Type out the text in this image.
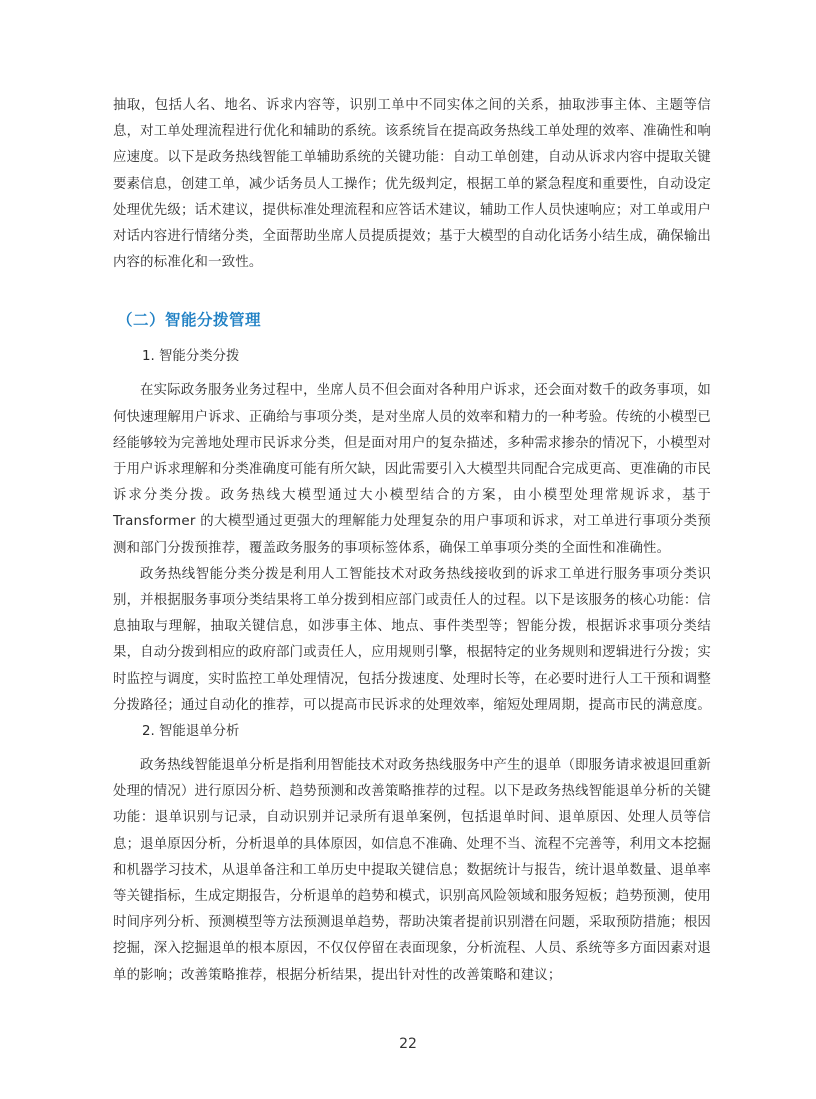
抽取，包括人名、地名、诉求内容等，识别工单中不同实体之间的关系，抽取涉事主体、主题等信息，对工单处理流程进行优化和辅助的系统。该系统旨在提高政务热线工单处理的效率、准确性和响应速度。以下是政务热线智能工单辅助系统的关键功能：自动工单创建，自动从诉求内容中提取关键要素信息，创建工单，减少话务员人工操作；优先级判定，根据工单的紧急程度和重要性，自动设定处理优先级；话术建议，提供标准处理流程和应答话术建议，辅助工作人员快速响应；对工单或用户对话内容进行情绪分类，全面帮助坐席人员提质提效；基于大模型的自动化话务小结生成，确保输出内容的标准化和一致性。

（二）智能分拨管理
1. 智能分类分拨

在实际政务服务业务过程中，坐席人员不但会面对各种用户诉求，还会面对数千的政务事项，如何快速理解用户诉求、正确给与事项分类，是对坐席人员的效率和精力的一种考验。传统的小模型已经能够较为完善地处理市民诉求分类，但是面对用户的复杂描述，多种需求掺杂的情况下，小模型对于用户诉求理解和分类准确度可能有所欠缺，因此需要引入大模型共同配合完成更高、更准确的市民诉求分类分拨。政务热线大模型通过大小模型结合的方案，由小模型处理常规诉求，基于 Transformer 的大模型通过更强大的理解能力处理复杂的用户事项和诉求，对工单进行事项分类预测和部门分拨预推荐，覆盖政务服务的事项标签体系，确保工单事项分类的全面性和准确性。

政务热线智能分类分拨是利用人工智能技术对政务热线接收到的诉求工单进行服务事项分类识别，并根据服务事项分类结果将工单分拨到相应部门或责任人的过程。以下是该服务的核心功能：信息抽取与理解，抽取关键信息，如涉事主体、地点、事件类型等；智能分拨，根据诉求事项分类结果，自动分拨到相应的政府部门或责任人，应用规则引擎，根据特定的业务规则和逻辑进行分拨；实时监控与调度，实时监控工单处理情况，包括分拨速度、处理时长等，在必要时进行人工干预和调整分拨路径；通过自动化的推荐，可以提高市民诉求的处理效率，缩短处理周期，提高市民的满意度。

2. 智能退单分析

政务热线智能退单分析是指利用智能技术对政务热线服务中产生的退单（即服务请求被退回重新处理的情况）进行原因分析、趋势预测和改善策略推荐的过程。以下是政务热线智能退单分析的关键功能：退单识别与记录，自动识别并记录所有退单案例，包括退单时间、退单原因、处理人员等信息；退单原因分析，分析退单的具体原因，如信息不准确、处理不当、流程不完善等，利用文本挖掘和机器学习技术，从退单备注和工单历史中提取关键信息；数据统计与报告，统计退单数量、退单率等关键指标，生成定期报告，分析退单的趋势和模式，识别高风险领域和服务短板；趋势预测，使用时间序列分析、预测模型等方法预测退单趋势，帮助决策者提前识别潜在问题，采取预防措施；根因挖掘，深入挖掘退单的根本原因，不仅仅停留在表面现象，分析流程、人员、系统等多方面因素对退单的影响；改善策略推荐，根据分析结果，提出针对性的改善策略和建议；

22
